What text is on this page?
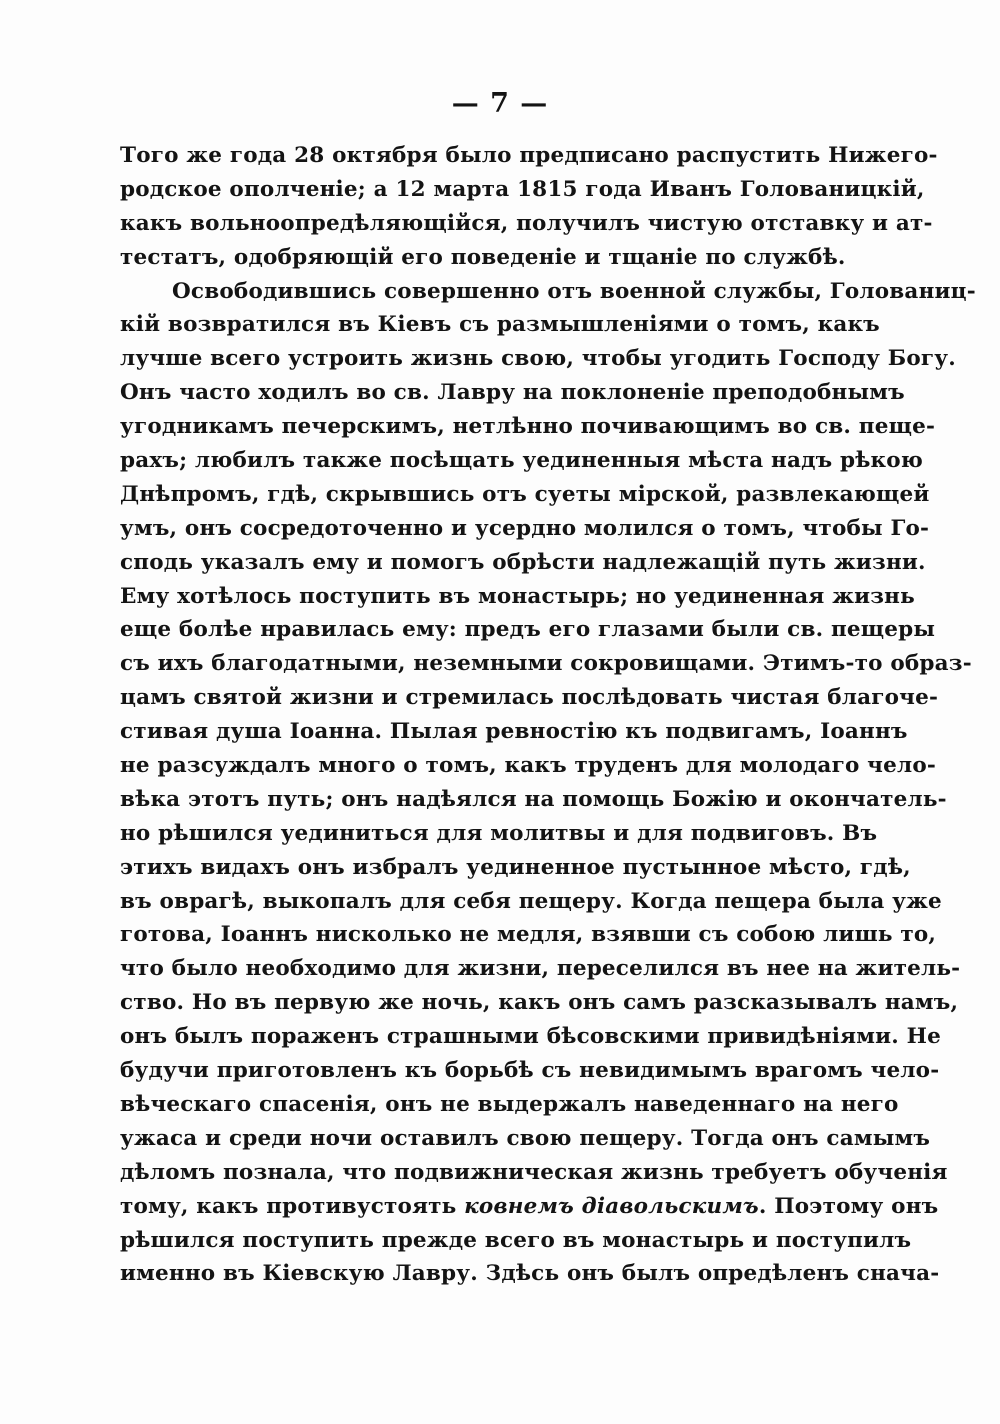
— 7 —
Того же года 28 октября было предписано распустить Нижего-
родское ополченіе; а 12 марта 1815 года Иванъ Голованицкій,
какъ вольноопредѣляющійся, получилъ чистую отставку и ат-
тестатъ, одобряющій его поведеніе и тщаніе по службѣ.
Освободившись совершенно отъ военной службы, Голованиц-
кій возвратился въ Кіевъ съ размышленіями о томъ, какъ
лучше всего устроить жизнь свою, чтобы угодить Господу Богу.
Онъ часто ходилъ во св. Лавру на поклоненіе преподобнымъ
угодникамъ печерскимъ, нетлѣнно почивающимъ во св. пеще-
рахъ; любилъ также посѣщать уединенныя мѣста надъ рѣкою
Днѣпромъ, гдѣ, скрывшись отъ суеты мірской, развлекающей
умъ, онъ сосредоточенно и усердно молился о томъ, чтобы Го-
сподь указалъ ему и помогъ обрѣсти надлежащій путь жизни.
Ему хотѣлось поступить въ монастырь; но уединенная жизнь
еще болѣе нравилась ему: предъ его глазами были св. пещеры
съ ихъ благодатными, неземными сокровищами. Этимъ-то образ-
цамъ святой жизни и стремилась послѣдовать чистая благоче-
стивая душа Іоанна. Пылая ревностію къ подвигамъ, Іоаннъ
не разсуждалъ много о томъ, какъ труденъ для молодаго чело-
вѣка этотъ путь; онъ надѣялся на помощь Божію и окончатель-
но рѣшился уединиться для молитвы и для подвиговъ. Въ
этихъ видахъ онъ избралъ уединенное пустынное мѣсто, гдѣ,
въ оврагѣ, выкопалъ для себя пещеру. Когда пещера была уже
готова, Іоаннъ нисколько не медля, взявши съ собою лишь то,
что было необходимо для жизни, переселился въ нее на житель-
ство. Но въ первую же ночь, какъ онъ самъ разсказывалъ намъ,
онъ былъ пораженъ страшными бѣсовскими привидѣніями. Не
будучи приготовленъ къ борьбѣ съ невидимымъ врагомъ чело-
вѣческаго спасенія, онъ не выдержалъ наведеннаго на него
ужаса и среди ночи оставилъ свою пещеру. Тогда онъ самымъ
дѣломъ познала, что подвижническая жизнь требуетъ обученія
тому, какъ противустоять ковнемъ діавольскимъ. Поэтому онъ
рѣшился поступить прежде всего въ монастырь и поступилъ
именно въ Кіевскую Лавру. Здѣсь онъ былъ опредѣленъ снача-
